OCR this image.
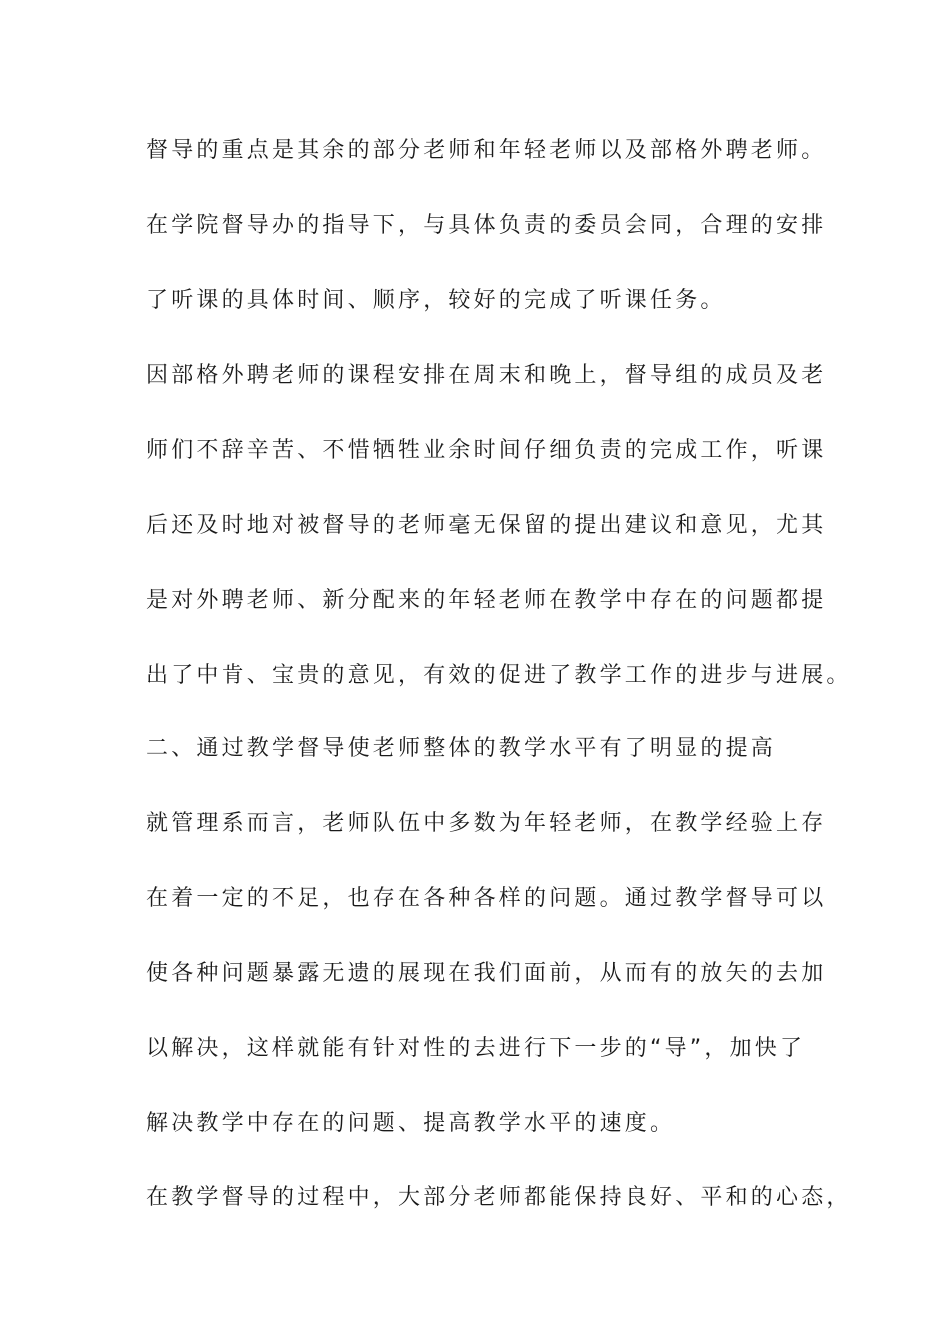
督导的重点是其余的部分老师和年轻老师以及部格外聘老师。

在学院督导办的指导下，与具体负责的委员会同，合理的安排

了听课的具体时间、顺序，较好的完成了听课任务。

因部格外聘老师的课程安排在周末和晚上，督导组的成员及老

师们不辞辛苦、不惜牺牲业余时间仔细负责的完成工作，听课

后还及时地对被督导的老师毫无保留的提出建议和意见，尤其

是对外聘老师、新分配来的年轻老师在教学中存在的问题都提

出了中肯、宝贵的意见，有效的促进了教学工作的进步与进展。

二、通过教学督导使老师整体的教学水平有了明显的提高

就管理系而言，老师队伍中多数为年轻老师，在教学经验上存

在着一定的不足，也存在各种各样的问题。通过教学督导可以

使各种问题暴露无遗的展现在我们面前，从而有的放矢的去加

以解决，这样就能有针对性的去进行下一步的“导”，加快了

解决教学中存在的问题、提高教学水平的速度。

在教学督导的过程中，大部分老师都能保持良好、平和的心态，
